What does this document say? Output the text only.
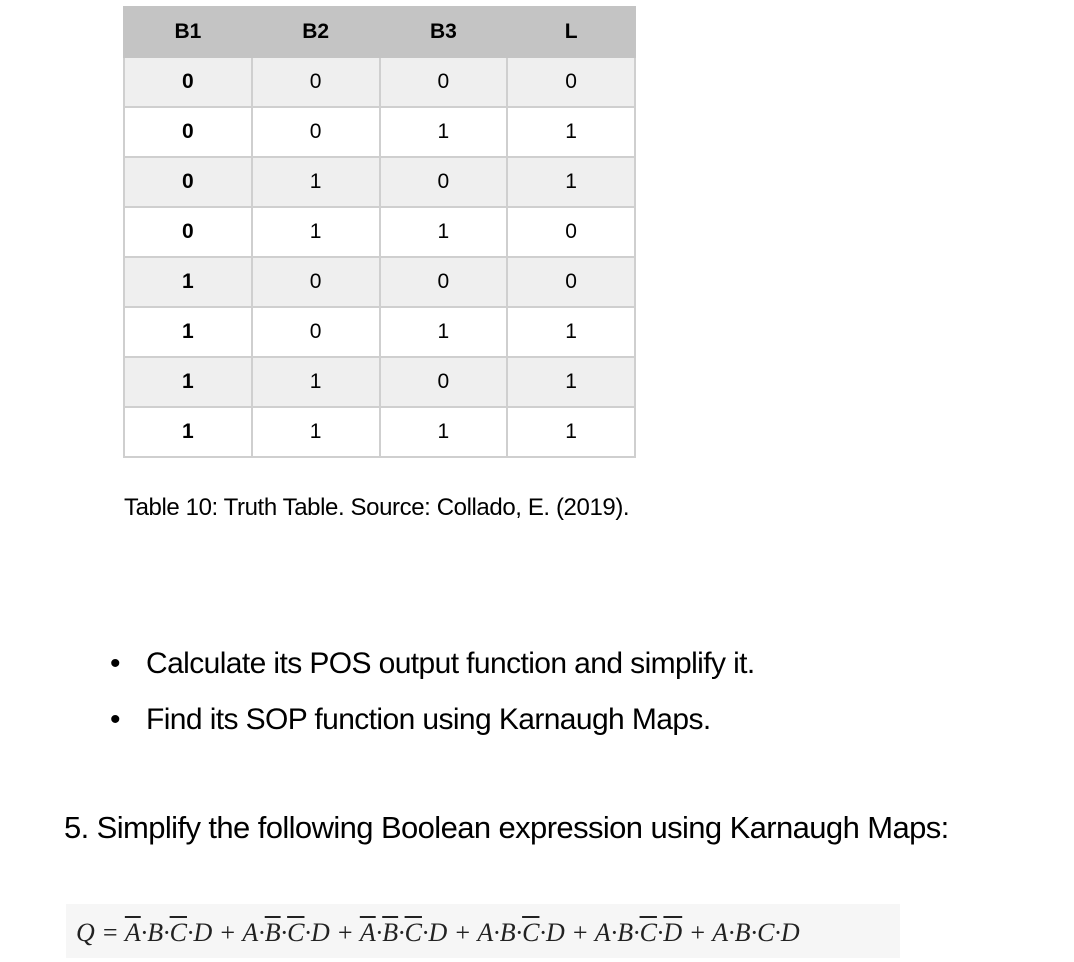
B1	B2	B3	L
0	0	0	0
0	0	1	1
0	1	0	1
0	1	1	0
1	0	0	0
1	0	1	1
1	1	0	1
1	1	1	1
Table 10: Truth Table. Source: Collado, E. (2019).
• Calculate its POS output function and simplify it.
• Find its SOP function using Karnaugh Maps.
5. Simplify the following Boolean expression using Karnaugh Maps:
$Q = \overline{A}\cdot B\cdot\overline{C}\cdot D + A\cdot\overline{B}\cdot\overline{C}\cdot D + \overline{A}\cdot\overline{B}\cdot\overline{C}\cdot D + A\cdot B\cdot\overline{C}\cdot D + A\cdot B\cdot\overline{C}\cdot\overline{D} + A\cdot B\cdot C\cdot D$
